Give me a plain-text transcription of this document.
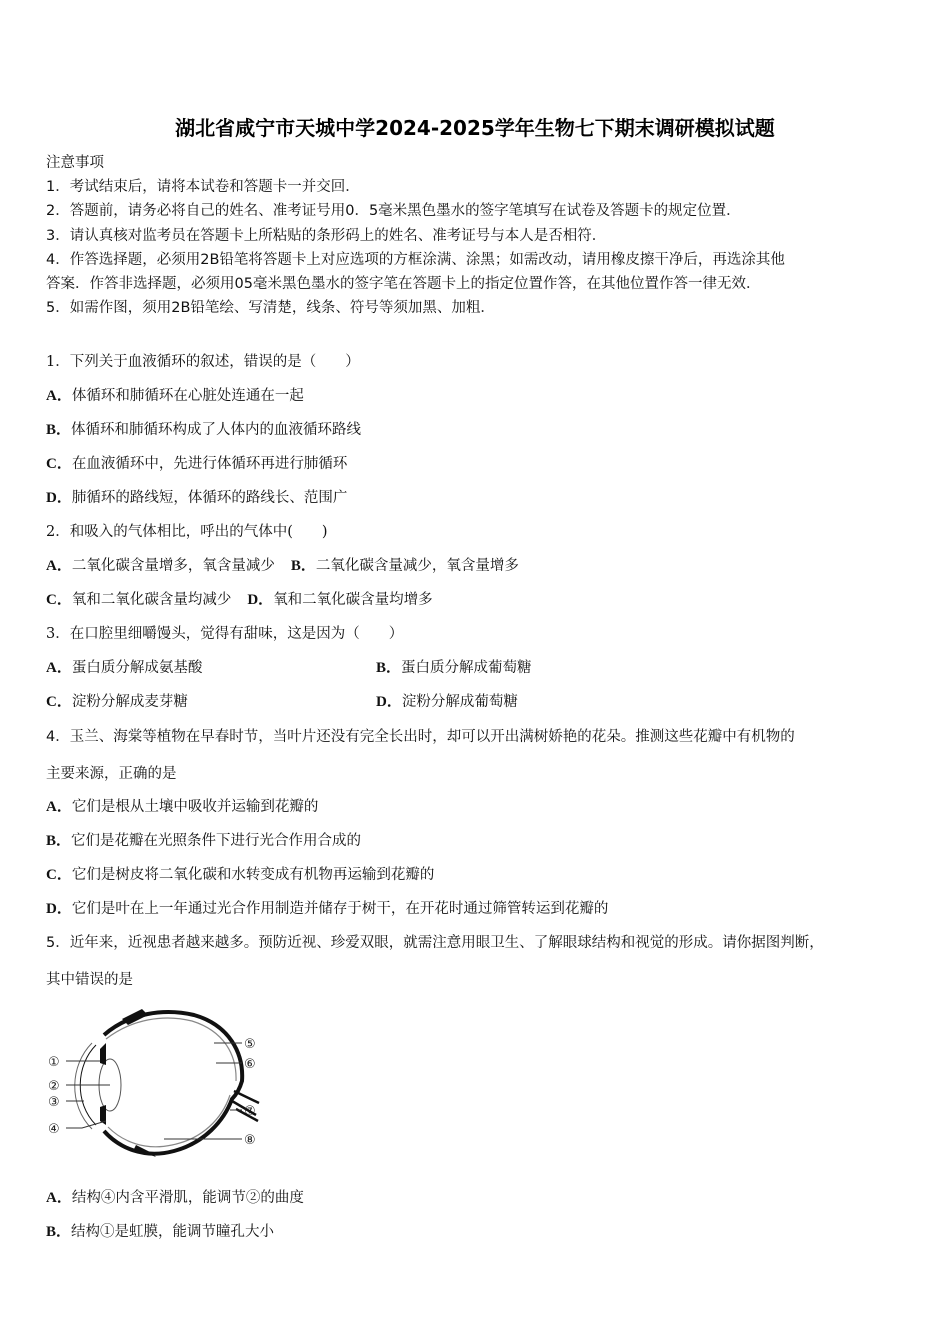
湖北省咸宁市天城中学2024-2025学年生物七下期末调研模拟试题
注意事项
1．考试结束后，请将本试卷和答题卡一并交回．
2．答题前，请务必将自己的姓名、准考证号用0．5毫米黑色墨水的签字笔填写在试卷及答题卡的规定位置．
3．请认真核对监考员在答题卡上所粘贴的条形码上的姓名、准考证号与本人是否相符．
4．作答选择题，必须用2B铅笔将答题卡上对应选项的方框涂满、涂黑；如需改动，请用橡皮擦干净后，再选涂其他
答案．作答非选择题，必须用05毫米黑色墨水的签字笔在答题卡上的指定位置作答，在其他位置作答一律无效．
5．如需作图，须用2B铅笔绘、写清楚，线条、符号等须加黑、加粗．
1．下列关于血液循环的叙述，错误的是（　　）
A．体循环和肺循环在心脏处连通在一起
B．体循环和肺循环构成了人体内的血液循环路线
C．在血液循环中，先进行体循环再进行肺循环
D．肺循环的路线短，体循环的路线长、范围广
2．和吸入的气体相比，呼出的气体中(　　)
A．二氧化碳含量增多，氧含量减少 B．二氧化碳含量减少，氧含量增多
C．氧和二氧化碳含量均减少 D．氧和二氧化碳含量均增多
3．在口腔里细嚼馒头，觉得有甜味，这是因为（　　）
A．蛋白质分解成氨基酸	B．蛋白质分解成葡萄糖
C．淀粉分解成麦芽糖	D．淀粉分解成葡萄糖
4．玉兰、海棠等植物在早春时节，当叶片还没有完全长出时，却可以开出满树娇艳的花朵。推测这些花瓣中有机物的
主要来源，正确的是
A．它们是根从土壤中吸收并运输到花瓣的
B．它们是花瓣在光照条件下进行光合作用合成的
C．它们是树皮将二氧化碳和水转变成有机物再运输到花瓣的
D．它们是叶在上一年通过光合作用制造并储存于树干，在开花时通过筛管转运到花瓣的
5．近年来，近视患者越来越多。预防近视、珍爱双眼，就需注意用眼卫生、了解眼球结构和视觉的形成。请你据图判断，
其中错误的是
①
②
③
④
⑤
⑥
⑦
⑧
A．结构④内含平滑肌，能调节②的曲度
B．结构①是虹膜，能调节瞳孔大小
